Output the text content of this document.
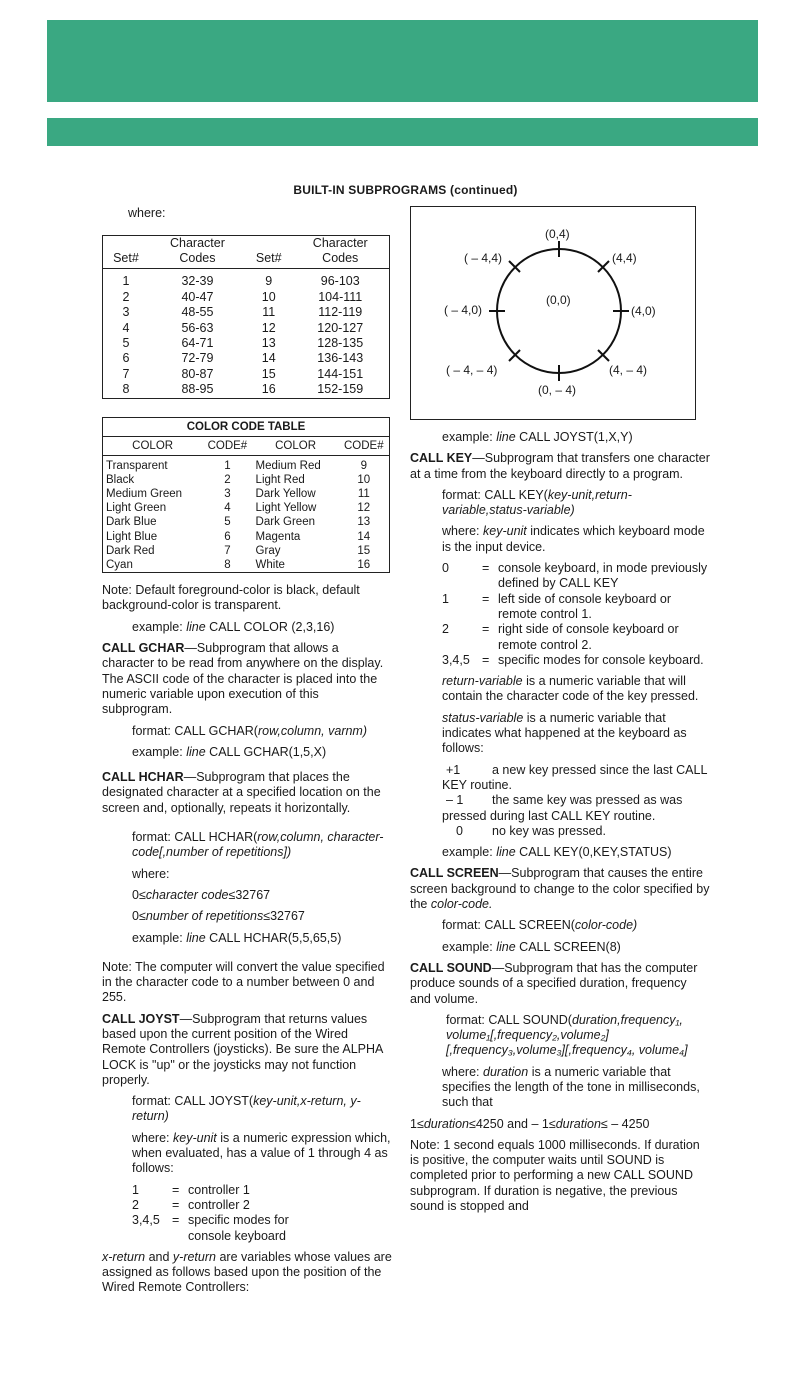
BUILT-IN SUBPROGRAMS (continued)

where:

	Character		Character
Set#	Codes	Set#	Codes
1	32-39	9	96-103
2	40-47	10	104-111
3	48-55	11	112-119
4	56-63	12	120-127
5	64-71	13	128-135
6	72-79	14	136-143
7	80-87	15	144-151
8	88-95	16	152-159
COLOR CODE TABLE			
COLOR	CODE#	COLOR	CODE#
Transparent	1	Medium Red	9
Black	2	Light Red	10
Medium Green	3	Dark Yellow	11
Light Green	4	Light Yellow	12
Dark Blue	5	Dark Green	13
Light Blue	6	Magenta	14
Dark Red	7	Gray	15
Cyan	8	White	16

Note: Default foreground-color is black, default background-color is transparent.

example: line CALL COLOR (2,3,16)

CALL GCHAR—Subprogram that allows a character to be read from anywhere on the display. The ASCII code of the character is placed into the numeric variable upon execution of this subprogram.

format: CALL GCHAR(row,column, varnm)

example: line CALL GCHAR(1,5,X)

CALL HCHAR—Subprogram that places the designated character at a specified location on the screen and, optionally, repeats it horizontally.

format: CALL HCHAR(row,column, character-code[,number of repetitions])

where:

0≤character code≤32767

0≤number of repetitions≤32767

example: line CALL HCHAR(5,5,65,5)

Note: The computer will convert the value specified in the character code to a number between 0 and 255.

CALL JOYST—Subprogram that returns values based upon the current position of the Wired Remote Controllers (joysticks). Be sure the ALPHA LOCK is "up" or the joysticks may not function properly.

format: CALL JOYST(key-unit,x-return, y-return)

where: key-unit is a numeric expression which, when evaluated, has a value of 1 through 4 as follows:

1	=	controller 1
2	=	controller 2
3,4,5	=	specific modes for console keyboard

x-return and y-return are variables whose values are assigned as follows based upon the position of the Wired Remote Controllers:

(0,4)
( – 4,4)	(4,4)
( – 4,0)
(0,0)
(4,0)
( – 4, – 4)	(4, – 4)
(0, – 4)

example: line CALL JOYST(1,X,Y)

CALL KEY—Subprogram that transfers one character at a time from the keyboard directly to a program.

format: CALL KEY(key-unit,return-variable,status-variable)

where: key-unit indicates which keyboard mode is the input device.

0	=	console keyboard, in mode previously defined by CALL KEY
1	=	left side of console keyboard or remote control 1.
2	=	right side of console keyboard or remote control 2.
3,4,5	=	specific modes for console keyboard.

return-variable is a numeric variable that will contain the character code of the key pressed.

status-variable is a numeric variable that indicates what happened at the keyboard as follows:

+1	a new key pressed since the last CALL KEY routine.

– 1 the same key was pressed as was pressed during last CALL KEY routine.

0 no key was pressed.

example: line CALL KEY(0,KEY,STATUS)

CALL SCREEN—Subprogram that causes the entire screen background to change to the color specified by the color-code.

format: CALL SCREEN(color-code)

example: line CALL SCREEN(8)

CALL SOUND—Subprogram that has the computer produce sounds of a specified duration, frequency and volume.

format: CALL SOUND(duration,frequency₁, volume₁[,frequency₂,volume₂] [,frequency₃,volume₃][,frequency₄, volume₄]

where: duration is a numeric variable that specifies the length of the tone in milliseconds, such that

1≤duration≤4250 and – 1≤duration≤ – 4250

Note: 1 second equals 1000 milliseconds. If duration is positive, the computer waits until SOUND is completed prior to performing a new CALL SOUND subprogram. If duration is negative, the previous sound is stopped and
